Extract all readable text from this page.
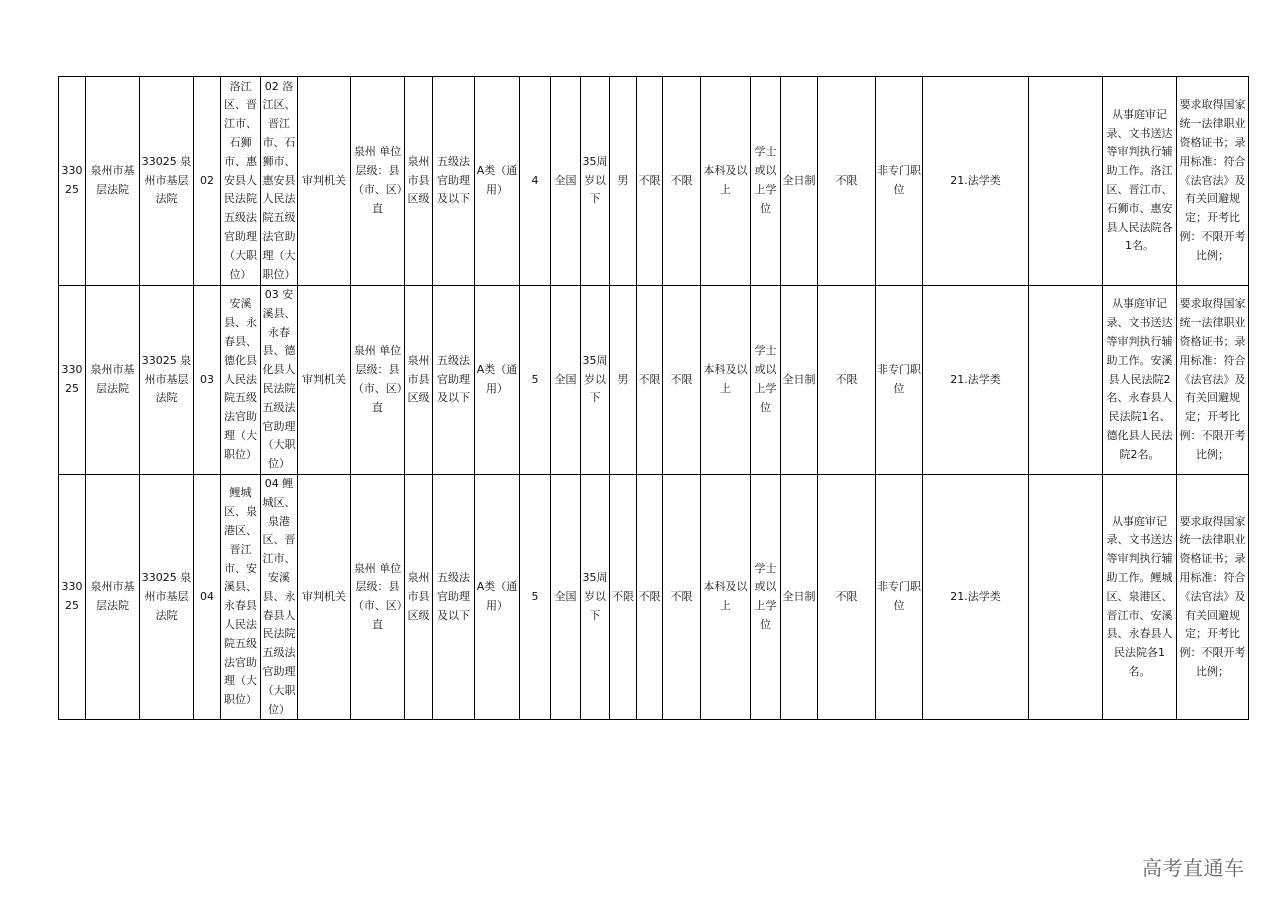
33025	泉州市基层法院	33025 泉州市基层法院	02	洛江区、晋江市、石狮市、惠安县人民法院五级法官助理（大职位）	02 洛江区、晋江市、石狮市、惠安县人民法院五级法官助理（大职位）	审判机关	泉州 单位层级：县（市、区）直	泉州市县区级	五级法官助理及以下	A类（通用）	4	全国	35周岁以下	男	不限	不限	本科及以上	学士或以上学位	全日制	不限	非专门职位	21.法学类		从事庭审记录、文书送达等审判执行辅助工作。洛江区、晋江市、石狮市、惠安县人民法院各1名。	要求取得国家统一法律职业资格证书；录用标准：符合《法官法》及有关回避规定；开考比例：不限开考比例；
33025	泉州市基层法院	33025 泉州市基层法院	03	安溪县、永春县、德化县人民法院五级法官助理（大职位）	03 安溪县、永春县、德化县人民法院五级法官助理（大职位）	审判机关	泉州 单位层级：县（市、区）直	泉州市县区级	五级法官助理及以下	A类（通用）	5	全国	35周岁以下	男	不限	不限	本科及以上	学士或以上学位	全日制	不限	非专门职位	21.法学类		从事庭审记录、文书送达等审判执行辅助工作。安溪县人民法院2名、永春县人民法院1名、德化县人民法院2名。	要求取得国家统一法律职业资格证书；录用标准：符合《法官法》及有关回避规定；开考比例：不限开考比例；
33025	泉州市基层法院	33025 泉州市基层法院	04	鲤城区、泉港区、晋江市、安溪县、永春县人民法院五级法官助理（大职位）	04 鲤城区、泉港区、晋江市、安溪县、永春县人民法院五级法官助理（大职位）	审判机关	泉州 单位层级：县（市、区）直	泉州市县区级	五级法官助理及以下	A类（通用）	5	全国	35周岁以下	不限	不限	不限	本科及以上	学士或以上学位	全日制	不限	非专门职位	21.法学类		从事庭审记录、文书送达等审判执行辅助工作。鲤城区、泉港区、晋江市、安溪县、永春县人民法院各1名。	要求取得国家统一法律职业资格证书；录用标准：符合《法官法》及有关回避规定；开考比例：不限开考比例；
高考直通车
